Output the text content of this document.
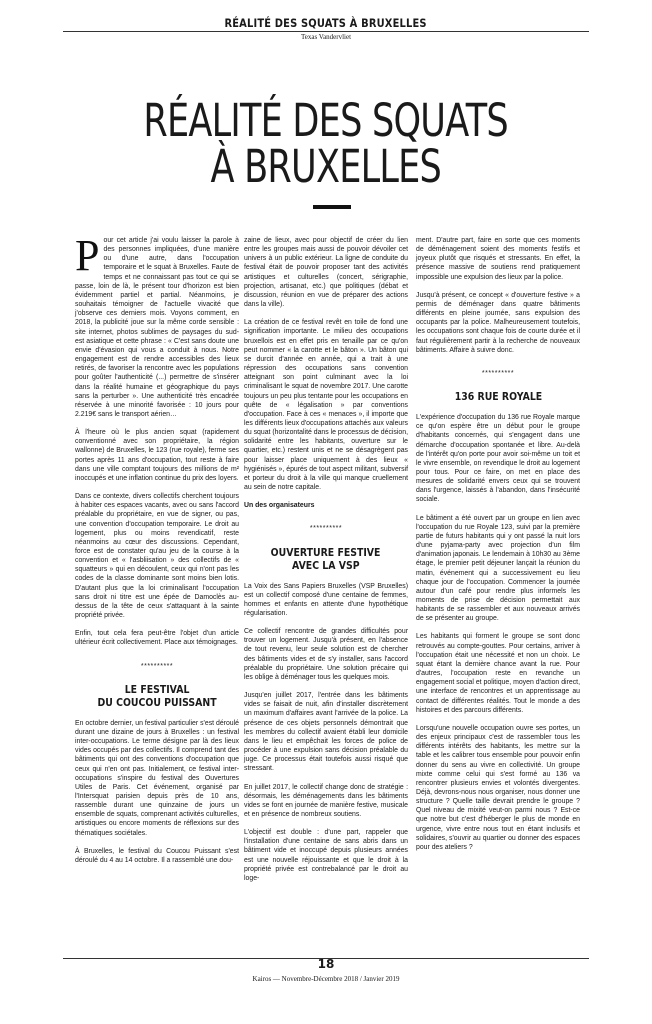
RÉALITÉ DES SQUATS À BRUXELLES
Texas Vandervliet
RÉALITÉ DES SQUATS
À BRUXELLES

Pour cet article j'ai voulu laisser la parole à des personnes impliquées, d'une manière ou d'une autre, dans l'occupation temporaire et le squat à Bruxelles. Faute de temps et ne connaissant pas tout ce qui se passe, loin de là, le présent tour d'horizon est bien évidemment partiel et partial. Néanmoins, je souhaitais témoigner de l'actuelle vivacité que j'observe ces derniers mois. Voyons comment, en 2018, la publicité joue sur la même corde sensible : site internet, photos sublimes de paysages du sud-est asiatique et cette phrase : « C'est sans doute une envie d'évasion qui vous a conduit à nous. Notre engagement est de rendre accessibles des lieux retirés, de favoriser la rencontre avec les populations pour goûter l'authenticité (...) permettre de s'insérer dans la réalité humaine et géographique du pays sans la perturber ». Une authenticité très encadrée réservée à une minorité favorisée : 10 jours pour 2.219€ sans le transport aérien…

À l'heure où le plus ancien squat (rapidement conventionné avec son propriétaire, la région wallonne) de Bruxelles, le 123 (rue royale), ferme ses portes après 11 ans d'occupation, tout reste à faire dans une ville comptant toujours des millions de m² inoccupés et une inflation continue du prix des loyers.

Dans ce contexte, divers collectifs cherchent toujours à habiter ces espaces vacants, avec ou sans l'accord préalable du propriétaire, en vue de signer, ou pas, une convention d'occupation temporaire. Le droit au logement, plus ou moins revendicatif, reste néanmoins au cœur des discussions. Cependant, force est de constater qu'au jeu de la course à la convention et « l'asbliisation » des collectifs de « squatteurs » qui en découlent, ceux qui n'ont pas les codes de la classe dominante sont moins bien lotis. D'autant plus que la loi criminalisant l'occupation sans droit ni titre est une épée de Damoclès au-dessus de la tête de ceux s'attaquant à la sainte propriété privée.

Enfin, tout cela fera peut-être l'objet d'un article ultérieur écrit collectivement. Place aux témoignages.

**********
LE FESTIVAL
DU COUCOU PUISSANT

En octobre dernier, un festival particulier s'est déroulé durant une dizaine de jours à Bruxelles : un festival inter-occupations. Le terme désigne par là des lieux vides occupés par des collectifs. Il comprend tant des bâtiments qui ont des conventions d'occupation que ceux qui n'en ont pas. Initialement, ce festival inter-occupations s'inspire du festival des Ouvertures Utiles de Paris. Cet événement, organisé par l'Intersquat parisien depuis près de 10 ans, rassemble durant une quinzaine de jours un ensemble de squats, comprenant activités culturelles, artistiques ou encore moments de réflexions sur des thématiques sociétales.

À Bruxelles, le festival du Coucou Puissant s'est déroulé du 4 au 14 octobre. Il a rassemblé une dou-

zaine de lieux, avec pour objectif de créer du lien entre les groupes mais aussi de pouvoir dévoiler cet univers à un public extérieur. La ligne de conduite du festival était de pouvoir proposer tant des activités artistiques et culturelles (concert, sérigraphie, projection, artisanat, etc.) que politiques (débat et discussion, réunion en vue de préparer des actions dans la ville).

La création de ce festival revêt en toile de fond une signification importante. Le milieu des occupations bruxellois est en effet pris en tenaille par ce qu'on peut nommer « la carotte et le bâton ». Un bâton qui se durcit d'année en année, qui a trait à une répression des occupations sans convention atteignant son point culminant avec la loi criminalisant le squat de novembre 2017. Une carotte toujours un peu plus tentante pour les occupations en quête de « légalisation » par conventions d'occupation. Face à ces « menaces », il importe que les différents lieux d'occupations attachés aux valeurs du squat (horizontalité dans le processus de décision, solidarité entre les habitants, ouverture sur le quartier, etc.) restent unis et ne se désagrègent pas pour laisser place uniquement à des lieux « hygiénisés », épurés de tout aspect militant, subversif et porteur du droit à la ville qui manque cruellement au sein de notre capitale.

Un des organisateurs

**********
OUVERTURE FESTIVE
AVEC LA VSP

La Voix des Sans Papiers Bruxelles (VSP Bruxelles) est un collectif composé d'une centaine de femmes, hommes et enfants en attente d'une hypothétique régularisation.

Ce collectif rencontre de grandes difficultés pour trouver un logement. Jusqu'à présent, en l'absence de tout revenu, leur seule solution est de chercher des bâtiments vides et de s'y installer, sans l'accord préalable du propriétaire. Une solution précaire qui les oblige à déménager tous les quelques mois.

Jusqu'en juillet 2017, l'entrée dans les bâtiments vides se faisait de nuit, afin d'installer discrètement un maximum d'affaires avant l'arrivée de la police. La présence de ces objets personnels démontrait que les membres du collectif avaient établi leur domicile dans le lieu et empêchait les forces de police de procéder à une expulsion sans décision préalable du juge. Ce processus était toutefois aussi risqué que stressant.

En juillet 2017, le collectif change donc de stratégie : désormais, les déménagements dans les bâtiments vides se font en journée de manière festive, musicale et en présence de nombreux soutiens.

L'objectif est double : d'une part, rappeler que l'installation d'une centaine de sans abris dans un bâtiment vide et inoccupé depuis plusieurs années est une nouvelle réjouissante et que le droit à la propriété privée est contrebalancé par le droit au loge-

ment. D'autre part, faire en sorte que ces moments de déménagement soient des moments festifs et joyeux plutôt que risqués et stressants. En effet, la présence massive de soutiens rend pratiquement impossible une expulsion des lieux par la police.

Jusqu'à présent, ce concept « d'ouverture festive » a permis de déménager dans quatre bâtiments différents en pleine journée, sans expulsion des occupants par la police. Malheureusement toutefois, les occupations sont chaque fois de courte durée et il faut régulièrement partir à la recherche de nouveaux bâtiments. Affaire à suivre donc.

**********
136 RUE ROYALE

L'expérience d'occupation du 136 rue Royale marque ce qu'on espère être un début pour le groupe d'habitants concernés, qui s'engagent dans une démarche d'occupation spontanée et libre. Au-delà de l'intérêt qu'on porte pour avoir soi-même un toit et le vivre ensemble, on revendique le droit au logement pour tous. Pour ce faire, on met en place des mesures de solidarité envers ceux qui se trouvent dans l'urgence, laissés à l'abandon, dans l'insécurité sociale.

Le bâtiment a été ouvert par un groupe en lien avec l'occupation du rue Royale 123, suivi par la première partie de futurs habitants qui y ont passé la nuit lors d'une pyjama-party avec projection d'un film d'animation japonais. Le lendemain à 10h30 au 3ème étage, le premier petit déjeuner lançait la réunion du matin, événement qui a successivement eu lieu chaque jour de l'occupation. Commencer la journée autour d'un café pour rendre plus informels les moments de prise de décision permettait aux habitants de se rassembler et aux nouveaux arrivés de se présenter au groupe.

Les habitants qui forment le groupe se sont donc retrouvés au compte-gouttes. Pour certains, arriver à l'occupation était une nécessité et non un choix. Le squat étant la dernière chance avant la rue. Pour d'autres, l'occupation reste en revanche un engagement social et politique, moyen d'action direct, une interface de rencontres et un apprentissage au contact de différentes réalités. Tout le monde a des histoires et des parcours différents.

Lorsqu'une nouvelle occupation ouvre ses portes, un des enjeux principaux c'est de rassembler tous les différents intérêts des habitants, les mettre sur la table et les calibrer tous ensemble pour pouvoir enfin donner du sens au vivre en collectivité. Un groupe mixte comme celui qui s'est formé au 136 va rencontrer plusieurs envies et volontés divergentes. Déjà, devrons-nous nous organiser, nous donner une structure ? Quelle taille devrait prendre le groupe ? Quel niveau de mixité veut-on parmi nous ? Est-ce que notre but c'est d'héberger le plus de monde en urgence, vivre entre nous tout en étant inclusifs et solidaires, s'ouvrir au quartier ou donner des espaces pour des ateliers ?

18
Kairos — Novembre-Décembre 2018 / Janvier 2019
